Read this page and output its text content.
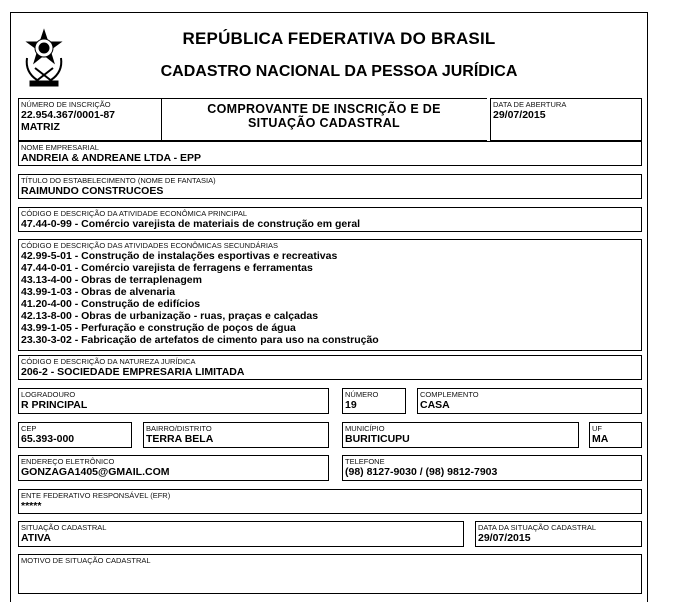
REPÚBLICA FEDERATIVA DO BRASIL
CADASTRO NACIONAL DA PESSOA JURÍDICA
NÚMERO DE INSCRIÇÃO
22.954.367/0001-87
MATRIZ
COMPROVANTE DE INSCRIÇÃO E DE
SITUAÇÃO CADASTRAL
DATA DE ABERTURA
29/07/2015
NOME EMPRESARIAL
ANDREIA & ANDREANE LTDA - EPP
TÍTULO DO ESTABELECIMENTO (NOME DE FANTASIA)
RAIMUNDO CONSTRUCOES
CÓDIGO E DESCRIÇÃO DA ATIVIDADE ECONÔMICA PRINCIPAL
47.44-0-99 - Comércio varejista de materiais de construção em geral
CÓDIGO E DESCRIÇÃO DAS ATIVIDADES ECONÔMICAS SECUNDÁRIAS
42.99-5-01 - Construção de instalações esportivas e recreativas
47.44-0-01 - Comércio varejista de ferragens e ferramentas
43.13-4-00 - Obras de terraplenagem
43.99-1-03 - Obras de alvenaria
41.20-4-00 - Construção de edifícios
42.13-8-00 - Obras de urbanização - ruas, praças e calçadas
43.99-1-05 - Perfuração e construção de poços de água
23.30-3-02 - Fabricação de artefatos de cimento para uso na construção
CÓDIGO E DESCRIÇÃO DA NATUREZA JURÍDICA
206-2 - SOCIEDADE EMPRESARIA LIMITADA
LOGRADOURO
R PRINCIPAL
NÚMERO
19
COMPLEMENTO
CASA
CEP
65.393-000
BAIRRO/DISTRITO
TERRA BELA
MUNICÍPIO
BURITICUPU
UF
MA
ENDEREÇO ELETRÔNICO
GONZAGA1405@GMAIL.COM
TELEFONE
(98) 8127-9030 / (98) 9812-7903
ENTE FEDERATIVO RESPONSÁVEL (EFR)
*****
SITUAÇÃO CADASTRAL
ATIVA
DATA DA SITUAÇÃO CADASTRAL
29/07/2015
MOTIVO DE SITUAÇÃO CADASTRAL
